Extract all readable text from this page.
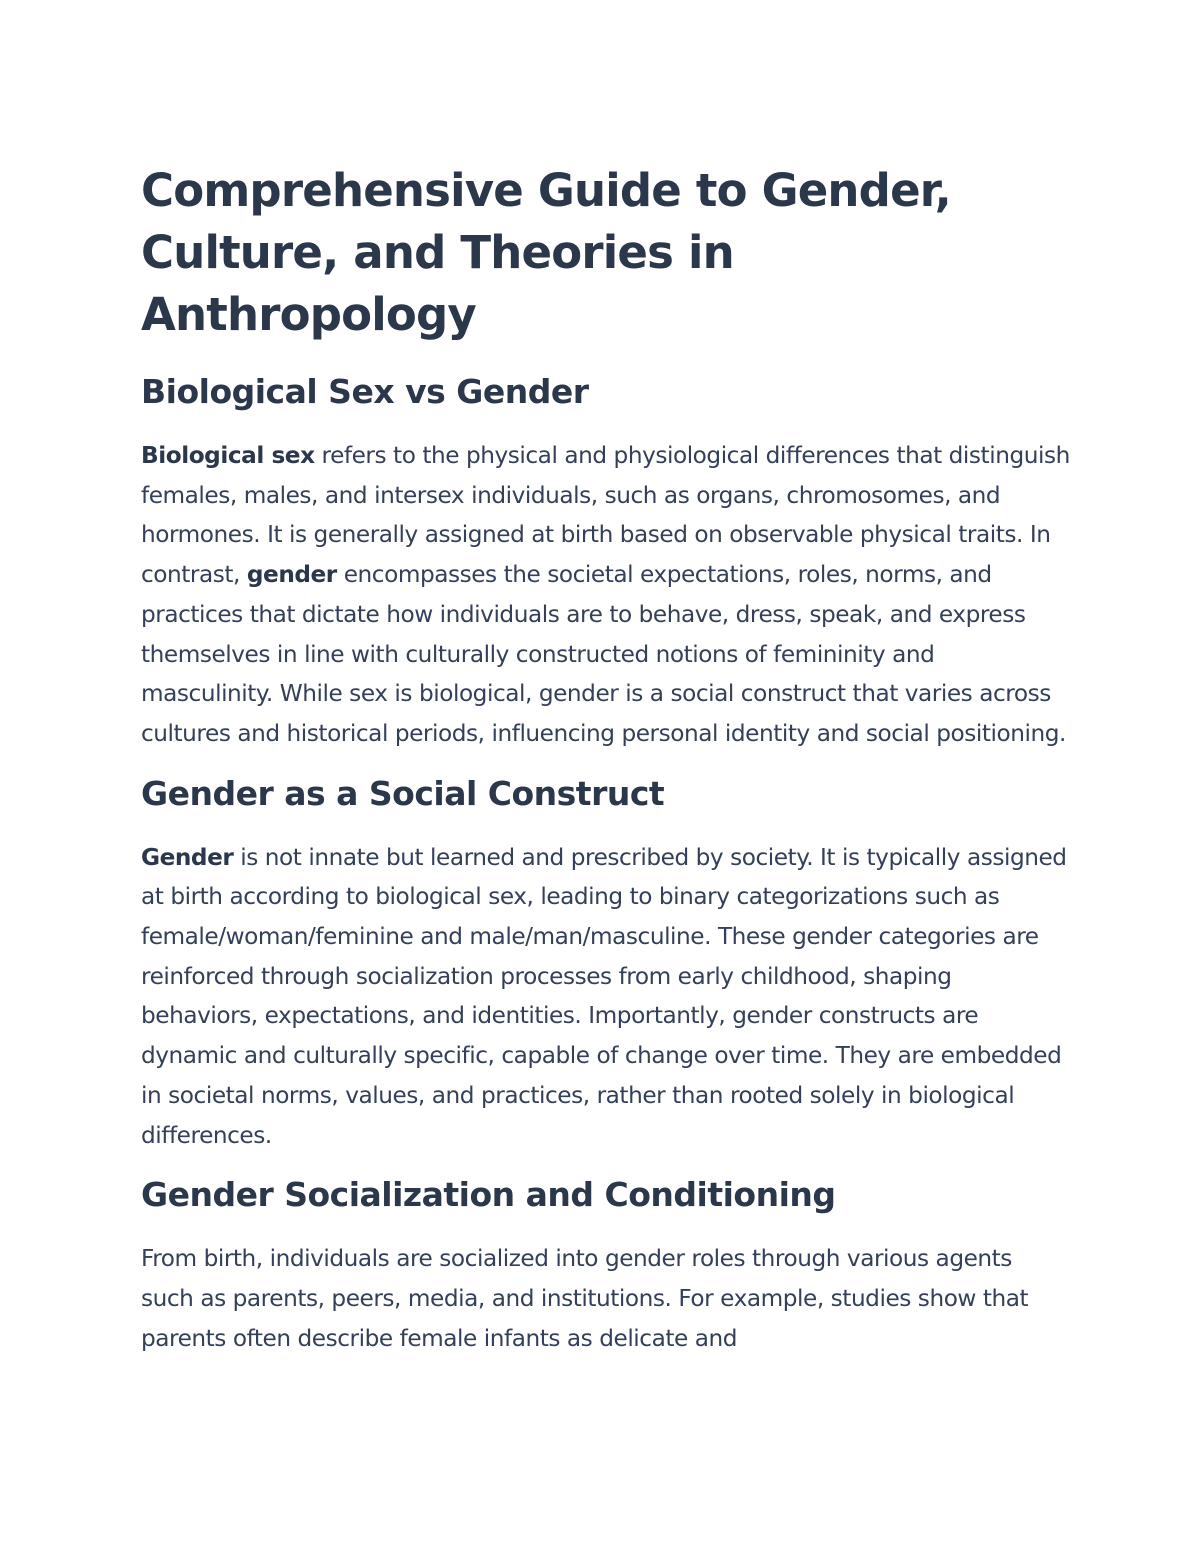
Comprehensive Guide to Gender, Culture, and Theories in Anthropology
Biological Sex vs Gender

Biological sex refers to the physical and physiological differences that distinguish females, males, and intersex individuals, such as organs, chromosomes, and hormones. It is generally assigned at birth based on observable physical traits. In contrast, gender encompasses the societal expectations, roles, norms, and practices that dictate how individuals are to behave, dress, speak, and express themselves in line with culturally constructed notions of femininity and masculinity. While sex is biological, gender is a social construct that varies across cultures and historical periods, influencing personal identity and social positioning.

Gender as a Social Construct

Gender is not innate but learned and prescribed by society. It is typically assigned at birth according to biological sex, leading to binary categorizations such as female/woman/feminine and male/man/masculine. These gender categories are reinforced through socialization processes from early childhood, shaping behaviors, expectations, and identities. Importantly, gender constructs are dynamic and culturally specific, capable of change over time. They are embedded in societal norms, values, and practices, rather than rooted solely in biological differences.

Gender Socialization and Conditioning

From birth, individuals are socialized into gender roles through various agents such as parents, peers, media, and institutions. For example, studies show that parents often describe female infants as delicate and
